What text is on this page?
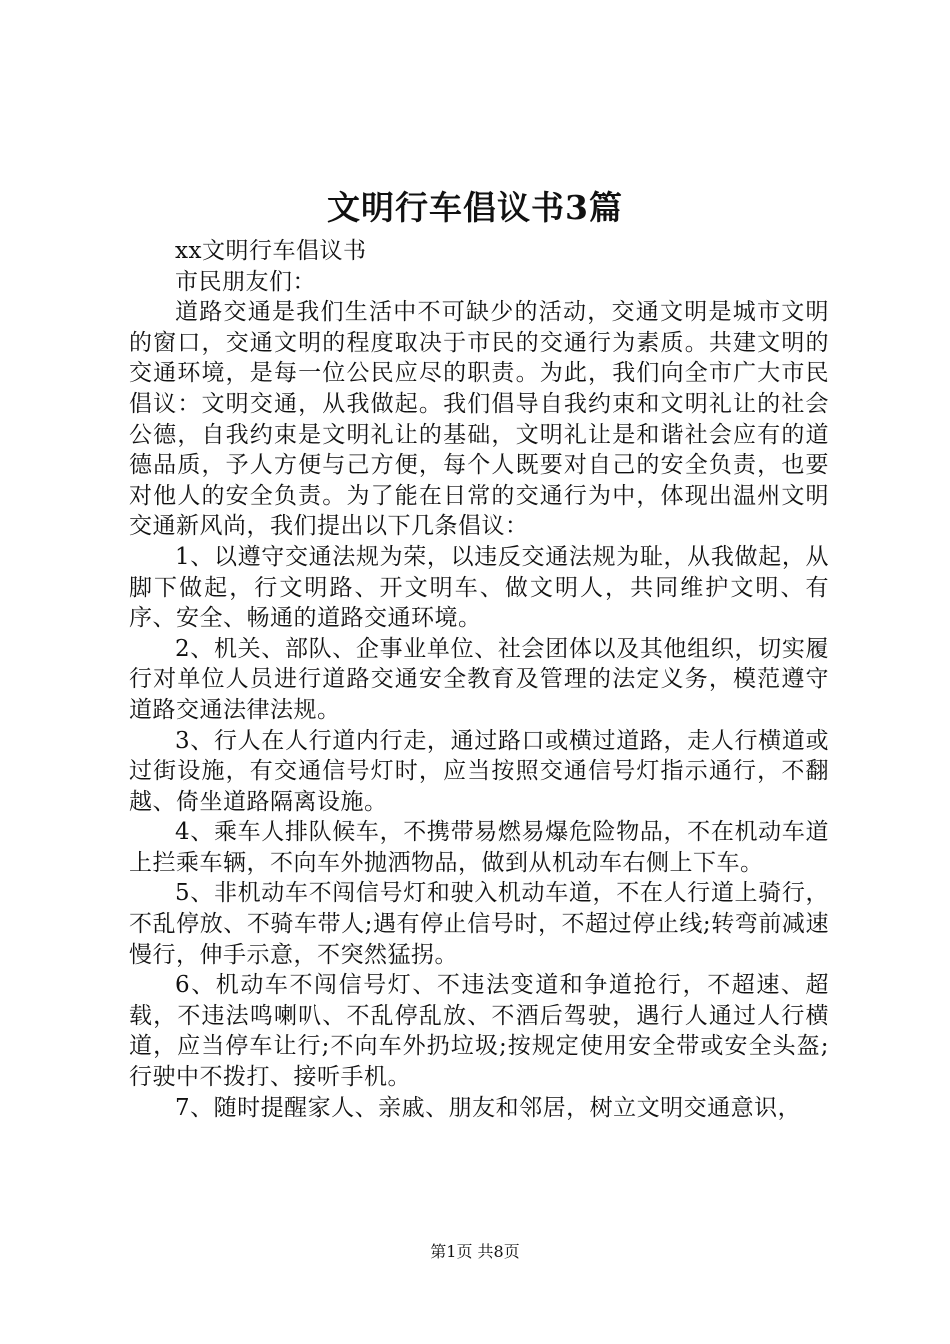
文明行车倡议书3篇

xx文明行车倡议书

市民朋友们：

道路交通是我们生活中不可缺少的活动，交通文明是城市文明的窗口，交通文明的程度取决于市民的交通行为素质。共建文明的交通环境，是每一位公民应尽的职责。为此，我们向全市广大市民倡议：文明交通，从我做起。我们倡导自我约束和文明礼让的社会公德，自我约束是文明礼让的基础，文明礼让是和谐社会应有的道德品质，予人方便与己方便，每个人既要对自己的安全负责，也要对他人的安全负责。为了能在日常的交通行为中，体现出温州文明交通新风尚，我们提出以下几条倡议：

1、以遵守交通法规为荣，以违反交通法规为耻，从我做起，从脚下做起，行文明路、开文明车、做文明人，共同维护文明、有序、安全、畅通的道路交通环境。

2、机关、部队、企事业单位、社会团体以及其他组织，切实履行对单位人员进行道路交通安全教育及管理的法定义务，模范遵守道路交通法律法规。

3、行人在人行道内行走，通过路口或横过道路，走人行横道或过街设施，有交通信号灯时，应当按照交通信号灯指示通行，不翻越、倚坐道路隔离设施。

4、乘车人排队候车，不携带易燃易爆危险物品，不在机动车道上拦乘车辆，不向车外抛洒物品，做到从机动车右侧上下车。

5、非机动车不闯信号灯和驶入机动车道，不在人行道上骑行，不乱停放、不骑车带人;遇有停止信号时，不超过停止线;转弯前减速慢行，伸手示意，不突然猛拐。

6、机动车不闯信号灯、不违法变道和争道抢行，不超速、超载，不违法鸣喇叭、不乱停乱放、不酒后驾驶，遇行人通过人行横道，应当停车让行;不向车外扔垃圾;按规定使用安全带或安全头盔;行驶中不拨打、接听手机。

7、随时提醒家人、亲戚、朋友和邻居，树立文明交通意识，

第1页 共8页
